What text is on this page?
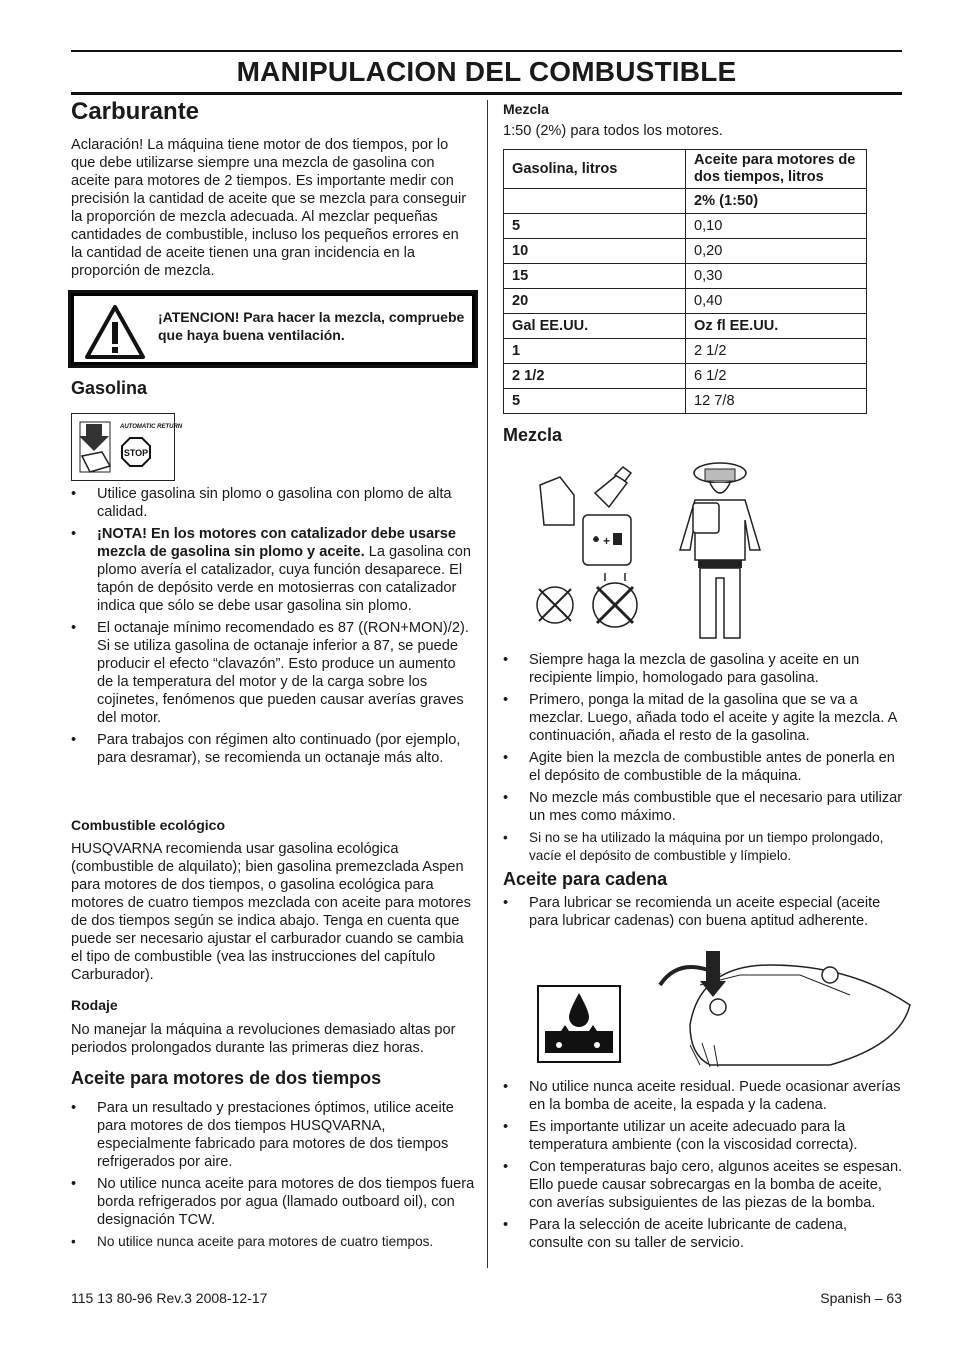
MANIPULACION DEL COMBUSTIBLE
Carburante
Aclaración! La máquina tiene motor de dos tiempos, por lo que debe utilizarse siempre una mezcla de gasolina con aceite para motores de 2 tiempos. Es importante medir con precisión la cantidad de aceite que se mezcla para conseguir la proporción de mezcla adecuada. Al mezclar pequeñas cantidades de combustible, incluso los pequeños errores en la cantidad de aceite tienen una gran incidencia en la proporción de mezcla.
¡ATENCION! Para hacer la mezcla, compruebe que haya buena ventilación.
Gasolina
AUTOMATIC RETURN
STOP
• Utilice gasolina sin plomo o gasolina con plomo de alta calidad.
• ¡NOTA! En los motores con catalizador debe usarse mezcla de gasolina sin plomo y aceite. La gasolina con plomo avería el catalizador, cuya función desaparece. El tapón de depósito verde en motosierras con catalizador indica que sólo se debe usar gasolina sin plomo.
• El octanaje mínimo recomendado es 87 ((RON+MON)/2). Si se utiliza gasolina de octanaje inferior a 87, se puede producir el efecto “clavazón”. Esto produce un aumento de la temperatura del motor y de la carga sobre los cojinetes, fenómenos que pueden causar averías graves del motor.
• Para trabajos con régimen alto continuado (por ejemplo, para desramar), se recomienda un octanaje más alto.
Combustible ecológico
HUSQVARNA recomienda usar gasolina ecológica (combustible de alquilato); bien gasolina premezclada Aspen para motores de dos tiempos, o gasolina ecológica para motores de cuatro tiempos mezclada con aceite para motores de dos tiempos según se indica abajo. Tenga en cuenta que puede ser necesario ajustar el carburador cuando se cambia el tipo de combustible (vea las instrucciones del capítulo Carburador).
Rodaje
No manejar la máquina a revoluciones demasiado altas por periodos prolongados durante las primeras diez horas.
Aceite para motores de dos tiempos
• Para un resultado y prestaciones óptimos, utilice aceite para motores de dos tiempos HUSQVARNA, especialmente fabricado para motores de dos tiempos refrigerados por aire.
• No utilice nunca aceite para motores de dos tiempos fuera borda refrigerados por agua (llamado outboard oil), con designación TCW.
• No utilice nunca aceite para motores de cuatro tiempos.
Mezcla
1:50 (2%) para todos los motores.
Gasolina, litros	Aceite para motores de dos tiempos, litros
	2% (1:50)
5	0,10
10	0,20
15	0,30
20	0,40
Gal EE.UU.	Oz fl EE.UU.
1	2 1/2
2 1/2	6 1/2
5	12 7/8
Mezcla
+
• Siempre haga la mezcla de gasolina y aceite en un recipiente limpio, homologado para gasolina.
• Primero, ponga la mitad de la gasolina que se va a mezclar. Luego, añada todo el aceite y agite la mezcla. A continuación, añada el resto de la gasolina.
• Agite bien la mezcla de combustible antes de ponerla en el depósito de combustible de la máquina.
• No mezcle más combustible que el necesario para utilizar un mes como máximo.
• Si no se ha utilizado la máquina por un tiempo prolongado, vacíe el depósito de combustible y límpielo.
Aceite para cadena
• Para lubricar se recomienda un aceite especial (aceite para lubricar cadenas) con buena aptitud adherente.
• No utilice nunca aceite residual. Puede ocasionar averías en la bomba de aceite, la espada y la cadena.
• Es importante utilizar un aceite adecuado para la temperatura ambiente (con la viscosidad correcta).
• Con temperaturas bajo cero, algunos aceites se espesan. Ello puede causar sobrecargas en la bomba de aceite, con averías subsiguientes de las piezas de la bomba.
• Para la selección de aceite lubricante de cadena, consulte con su taller de servicio.
115 13 80-96 Rev.3 2008-12-17	Spanish – 63
